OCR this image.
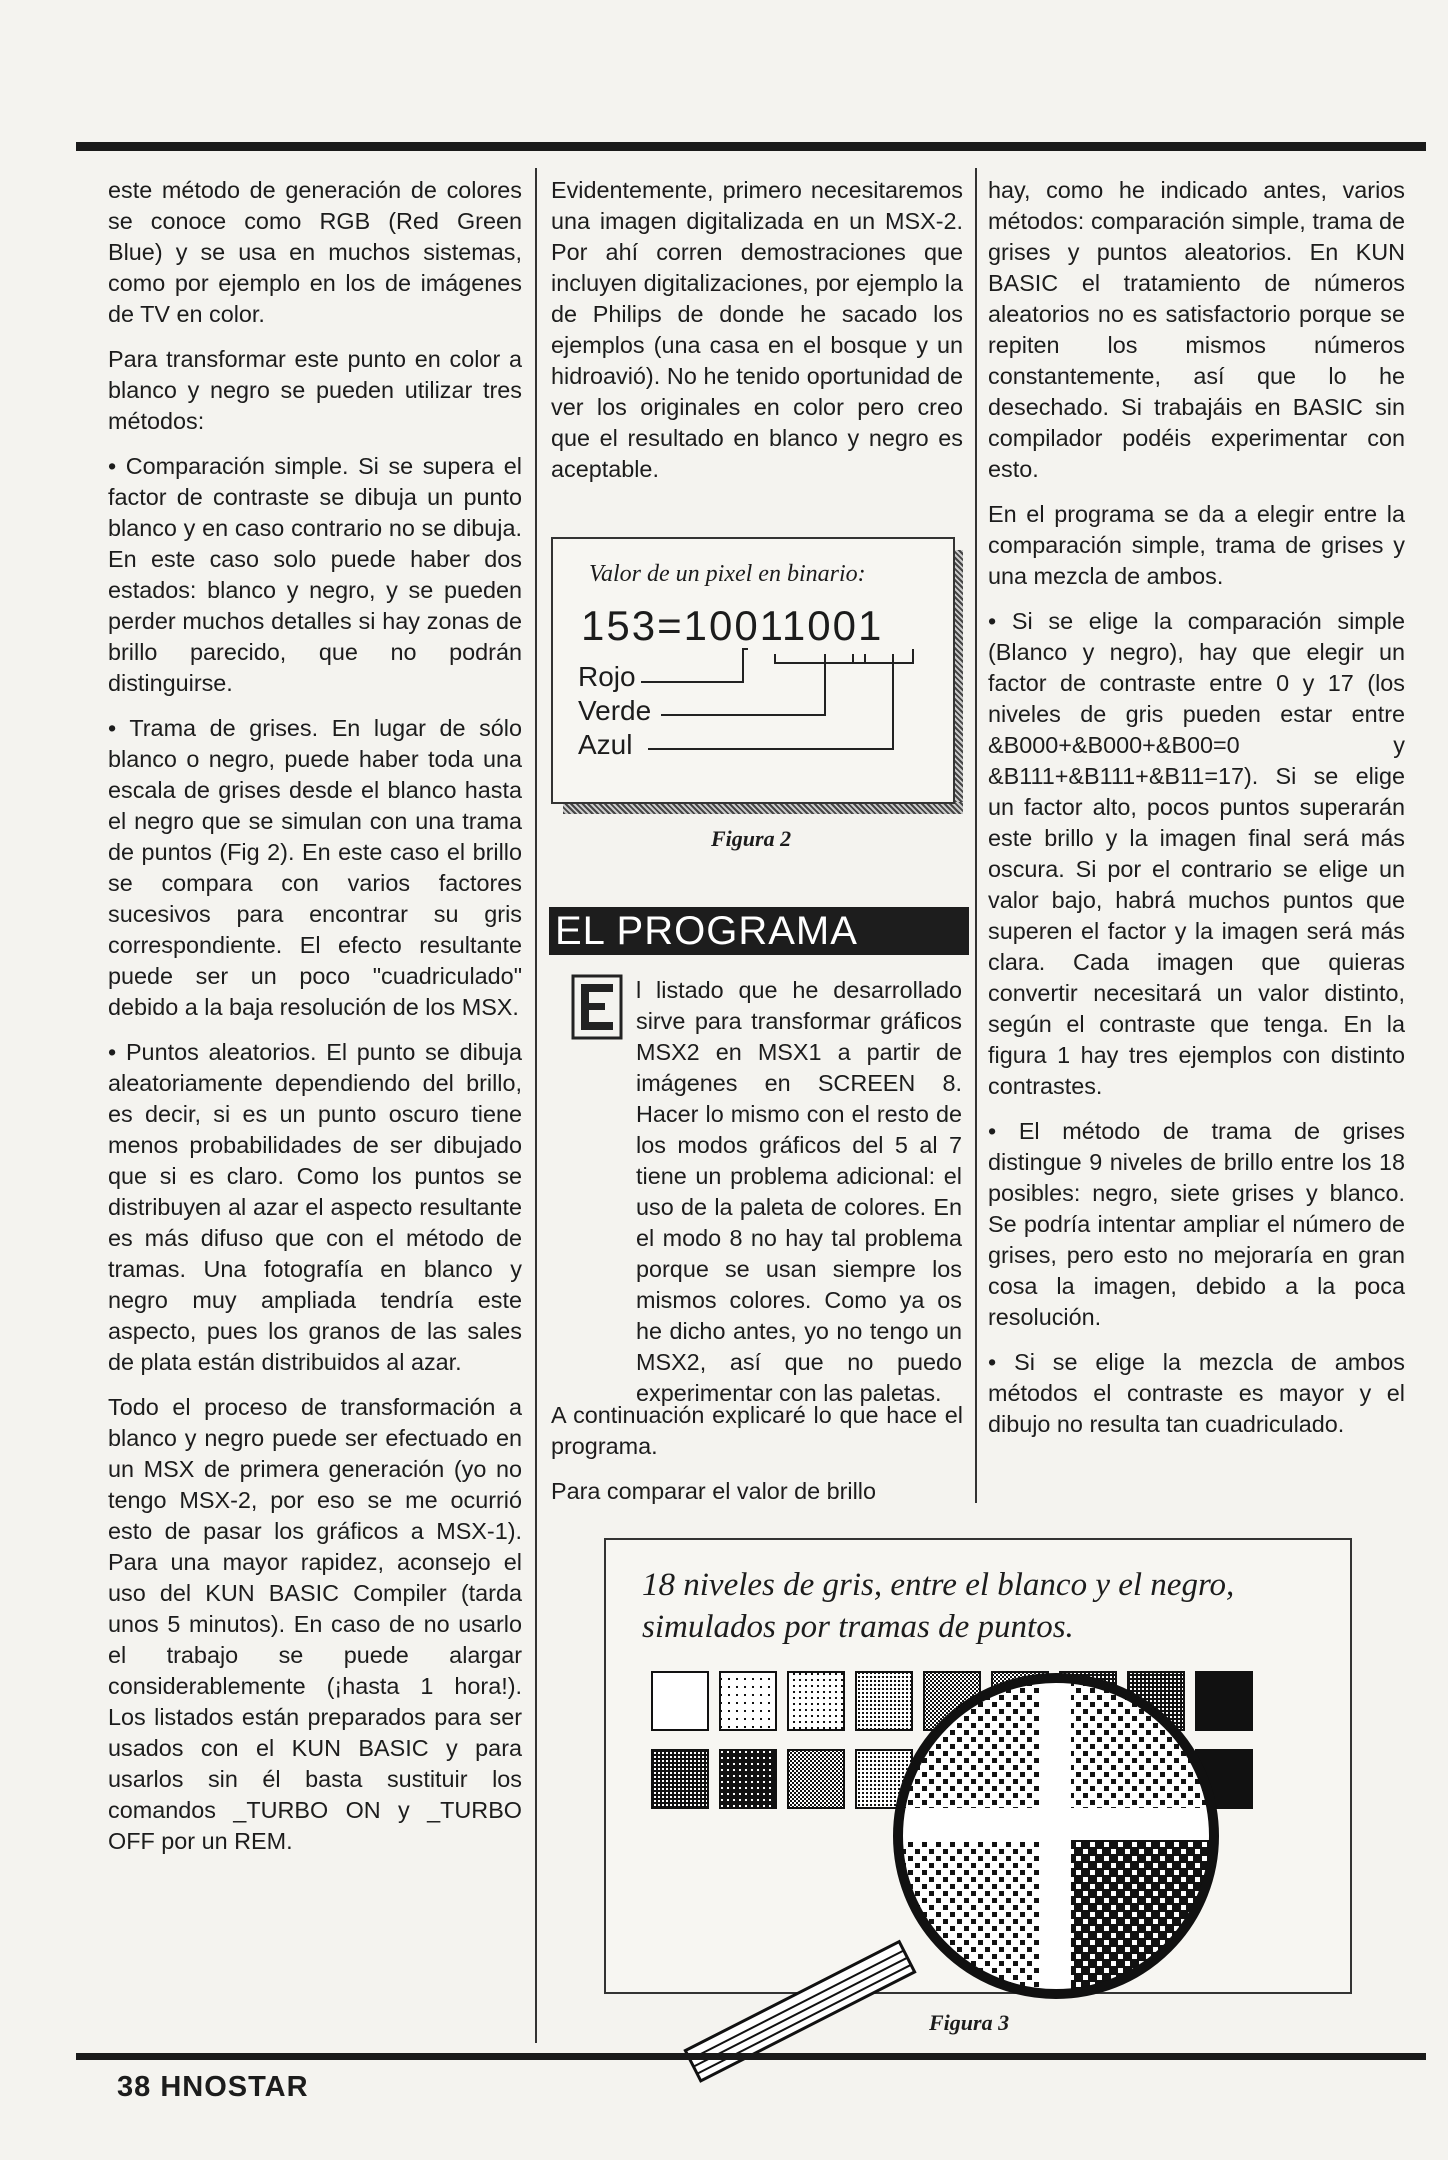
este método de generación de colores se conoce como RGB (Red Green Blue) y se usa en muchos sistemas, como por ejemplo en los de imágenes de TV en color.

Para transformar este punto en color a blanco y negro se pueden utilizar tres métodos:

• Comparación simple. Si se supera el factor de contraste se dibuja un punto blanco y en caso contrario no se dibuja. En este caso solo puede haber dos estados: blanco y negro, y se pueden perder muchos detalles si hay zonas de brillo parecido, que no podrán distinguirse.

• Trama de grises. En lugar de sólo blanco o negro, puede haber toda una escala de grises desde el blanco hasta el negro que se simulan con una trama de puntos (Fig 2). En este caso el brillo se compara con varios factores sucesivos para encontrar su gris correspondiente. El efecto resultante puede ser un poco "cuadriculado" debido a la baja resolución de los MSX.

• Puntos aleatorios. El punto se dibuja aleatoriamente dependiendo del brillo, es decir, si es un punto oscuro tiene menos probabilidades de ser dibujado que si es claro. Como los puntos se distribuyen al azar el aspecto resultante es más difuso que con el método de tramas. Una fotografía en blanco y negro muy ampliada tendría este aspecto, pues los granos de las sales de plata están distribuidos al azar.

Todo el proceso de transformación a blanco y negro puede ser efectuado en un MSX de primera generación (yo no tengo MSX-2, por eso se me ocurrió esto de pasar los gráficos a MSX-1). Para una mayor rapidez, aconsejo el uso del KUN BASIC Compiler (tarda unos 5 minutos). En caso de no usarlo el trabajo se puede alargar considerablemente (¡hasta 1 hora!). Los listados están preparados para ser usados con el KUN BASIC y para usarlos sin él basta sustituir los comandos _TURBO ON y _TURBO OFF por un REM.

Evidentemente, primero necesitaremos una imagen digitalizada en un MSX-2. Por ahí corren demostraciones que incluyen digitalizaciones, por ejemplo la de Philips de donde he sacado los ejemplos (una casa en el bosque y un hidroavió). No he tenido oportunidad de ver los originales en color pero creo que el resultado en blanco y negro es aceptable.

Valor de un pixel en binario:
153=10011001
Rojo
Verde
Azul
Figura 2
EL PROGRAMA
l listado que he desarrollado sirve para transformar gráficos MSX2 en MSX1 a partir de imágenes en SCREEN 8. Hacer lo mismo con el resto de los modos gráficos del 5 al 7 tiene un problema adicional: el uso de la paleta de colores. En el modo 8 no hay tal problema porque se usan siempre los mismos colores. Como ya os he dicho antes, yo no tengo un MSX2, así que no puedo experimentar con las paletas.

A continuación explicaré lo que hace el programa.

Para comparar el valor de brillo

hay, como he indicado antes, varios métodos: comparación simple, trama de grises y puntos aleatorios. En KUN BASIC el tratamiento de números aleatorios no es satisfactorio porque se repiten los mismos números constantemente, así que lo he desechado. Si trabajáis en BASIC sin compilador podéis experimentar con esto.

En el programa se da a elegir entre la comparación simple, trama de grises y una mezcla de ambos.

• Si se elige la comparación simple (Blanco y negro), hay que elegir un factor de contraste entre 0 y 17 (los niveles de gris pueden estar entre &B000+&B000+&B00=0 y &B111+&B111+&B11=17). Si se elige un factor alto, pocos puntos superarán este brillo y la imagen final será más oscura. Si por el contrario se elige un valor bajo, habrá muchos puntos que superen el factor y la imagen será más clara. Cada imagen que quieras convertir necesitará un valor distinto, según el contraste que tenga. En la figura 1 hay tres ejemplos con distinto contrastes.

• El método de trama de grises distingue 9 niveles de brillo entre los 18 posibles: negro, siete grises y blanco. Se podría intentar ampliar el número de grises, pero esto no mejoraría en gran cosa la imagen, debido a la poca resolución.

• Si se elige la mezcla de ambos métodos el contraste es mayor y el dibujo no resulta tan cuadriculado.

18 niveles de gris, entre el blanco y el negro, simulados por tramas de puntos.
Figura 3
38 HNOSTAR
